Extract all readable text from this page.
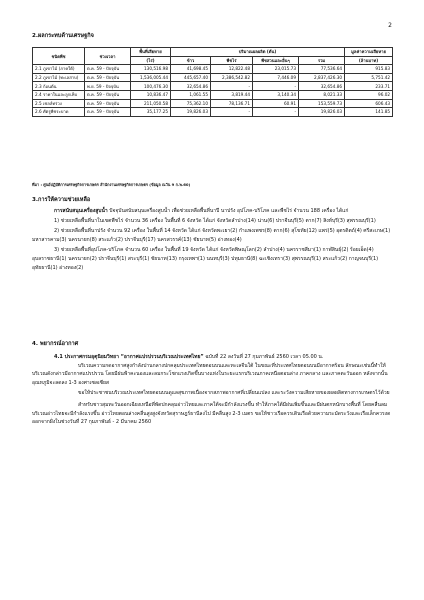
2
2.ผลกระทบด้านเศรษฐกิจ
ชนิดพืช	ช่วงเวลา	พื้นที่เสียหาย	ปริมาณผลผลิต (ตัน)				มูลค่าความเสียหาย
		(ไร่)	ข้าว	พืชไร่	พืชสวนและอื่นๆ	รวม	(ล้านบาท)
2.1 ภูเขาไม้ (ภาคใต้)	ต.ค. 59 - ปัจจุบัน	130,516.98	41,698.45	12,822.48	23,015.73	77,536.64	915.83
2.2 ภูเขาไม้ (ทะเลสาบ)	ต.ค. 59 - ปัจจุบัน	1,536,005.44	445,657.40	2,386,542.82	7,446.09	2,837,426.30	5,751.42
2.3 ก้อนต้น	พ.ย. 59 - ปัจจุบัน	100,476.30	32,654.86	-	-	32,654.86	233.71
2.4 ราคาในและลูกเห็บ	ต.ค. 59 - ปัจจุบัน	10,836.47	1,061.55	3,819.44	3,140.34	8,021.33	96.02
2.5 เชลล์ทร่วง	ต.ค. 59 - ปัจจุบัน	211,050.58	75,362.10	78,136.71	60.91	153,559.73	606.43
2.6 ศัตรูพืชระบาด	ต.ค. 59 - ปัจจุบัน	35,177.25	19,826.03	-	-	19,826.03	141.85
ที่มา : ศูนย์ปฏิบัติการเศรษฐกิจการเกษตร สำนักงานเศรษฐกิจการเกษตร (ข้อมูล ณวัน 9 ก.พ.60)
3.การให้ความช่วยเหลือ

การสนับสนุนเครื่องสูบน้ำ ปัจจุบันสนับสนุนเครื่องสูบน้ำ เพื่อช่วยเหลือพื้นที่นาปี นาปรัง อุปโภค-บริโภค และพืชไร่ จำนวน 188 เครื่อง ได้แก่

1) ช่วยเหลือพื้นที่นาในเขตพืชไร่ จำนวน 36 เครื่อง ในพื้นที่ 6 จังหวัด ได้แก่ จังหวัดลำปาง(14) น่าน(6) ปราจีนบุรี(5) ตาก(7) สิงห์บุรี(3) สุพรรณบุรี(1)

2) ช่วยเหลือพื้นที่นาปรัง จำนวน 92 เครื่อง ในพื้นที่ 14 จังหวัด ได้แก่ จังหวัดพะเยา(2) กำแพงเพชร(8) ตาก(6) สุโขทัย(12) แพร่(5) อุตรดิตถ์(4) ศรีสะเกษ(1) มหาสารคาม(3) นครนายก(8) สระแก้ว(2) ปราจีนบุรี(17) นครสวรรค์(13) ชัยนาท(5) อ่างทอง(4)

3) ช่วยเหลือพื้นที่อุปโภค-บริโภค จำนวน 60 เครื่อง ในพื้นที่ 19 จังหวัด ได้แก่ จังหวัดพิษณุโลก(2) ลำปาง(4) นครราชสีมา(1) กาฬสินธุ์(2) ร้อยเอ็ด(4) อุบลราชธานี(1) นครนายก(2) ปราจีนบุรี(1) สระบุรี(1) ชัยนาท(13) กรุงเทพฯ(1) นนทบุรี(3) ปทุมธานี(8) ฉะเชิงเทรา(3) สุพรรณบุรี(1) สระแก้ว(2) กาญจนบุรี(1) อุทัยธานี(1) อ่างทอง(2)

4. พยากรณ์อากาศ

4.1 ประกาศกรมอุตุนิยมวิทยา “อากาศแปรปรวนบริเวณประเทศไทย” ฉบับที่ 22 ลงวันที่ 27 กุมภาพันธ์ 2560 เวลา 05.00 น.

บริเวณความกดอากาศสูงกำลังปานกลางปกคลุมประเทศไทยตอนบนและทะเลจีนใต้ ในขณะที่ประเทศไทยตอนบนมีอากาศร้อน ลักษณะเช่นนี้ทำให้บริเวณดังกล่าวมีอากาศแปรปรวน โดยมีฝนฟ้าคะนองและลมกระโชกแรงเกิดขึ้นบางแห่งในระยะแรกบริเวณภาคเหนือตอนล่าง ภาคกลาง และภาคตะวันออก หลังจากนั้นอุณหภูมิจะลดลง 1-3 องศาเซลเซียส

ขอให้ประชาชนบริเวณประเทศไทยตอนบนดูแลสุขภาพเนื่องจากสภาพอากาศที่เปลี่ยนแปลง และระวังความเสียหายของผลผลิตทางการเกษตรไว้ด้วย

สำหรับชาวสุมทะวันออกเฉียงเหนือที่พัดปกคลุมอ่าวไทยและภาคใต้จะมีกำลังแรงขึ้น ทำให้ภาคใต้มีฝนเพิ่มขึ้นและมีฝนตกหนักบางพื้นที่ โดยคลื่นลมบริเวณอ่าวไทยจะมีกำลังแรงขึ้น อ่าวไทยตอนล่างคลื่นสูงสูงจังหวัดสุราษฎร์ธานีลงไป มีคลื่นสูง 2-3 เมตร ขอให้ชาวเรือควรเดินเรือด้วยความระมัดระวังและเรือเล็กควรงดออกจากฝั่งในช่วงวันที่ 27 กุมภาพันธ์ - 2 มีนาคม 2560
